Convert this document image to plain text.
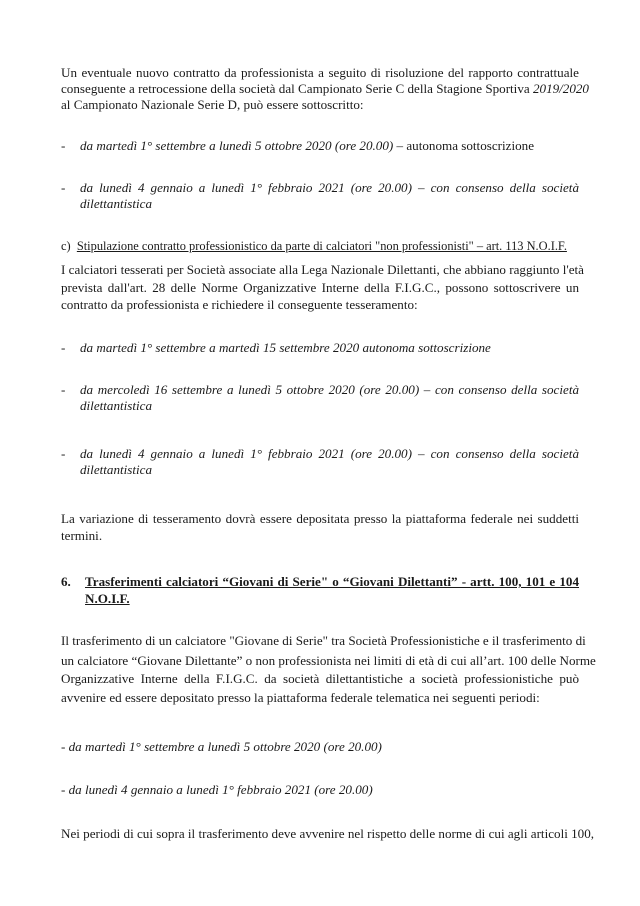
Un eventuale nuovo contratto da professionista a seguito di risoluzione del rapporto contrattuale
conseguente a retrocessione della società dal Campionato Serie C della Stagione Sportiva 2019/2020
al Campionato Nazionale Serie D, può essere sottoscritto:
- da martedì 1° settembre a lunedì 5 ottobre 2020 (ore 20.00) – autonoma sottoscrizione
- da lunedì 4 gennaio a lunedì 1° febbraio 2021 (ore 20.00) – con consenso della società
dilettantistica
c) Stipulazione contratto professionistico da parte di calciatori "non professionisti" – art. 113 N.O.I.F.
I calciatori tesserati per Società associate alla Lega Nazionale Dilettanti, che abbiano raggiunto l'età
prevista dall'art. 28 delle Norme Organizzative Interne della F.I.G.C., possono sottoscrivere un
contratto da professionista e richiedere il conseguente tesseramento:
- da martedì 1° settembre a martedì 15 settembre 2020 autonoma sottoscrizione
- da mercoledì 16 settembre a lunedì 5 ottobre 2020 (ore 20.00) – con consenso della società
dilettantistica
- da lunedì 4 gennaio a lunedì 1° febbraio 2021 (ore 20.00) – con consenso della società
dilettantistica
La variazione di tesseramento dovrà essere depositata presso la piattaforma federale nei suddetti
termini.
6. Trasferimenti calciatori “Giovani di Serie" o “Giovani Dilettanti” - artt. 100, 101 e 104
N.O.I.F.
Il trasferimento di un calciatore "Giovane di Serie" tra Società Professionistiche e il trasferimento di
un calciatore “Giovane Dilettante” o non professionista nei limiti di età di cui all’art. 100 delle Norme
Organizzative Interne della F.I.G.C. da società dilettantistiche a società professionistiche può
avvenire ed essere depositato presso la piattaforma federale telematica nei seguenti periodi:
- da martedì 1° settembre a lunedì 5 ottobre 2020 (ore 20.00)
- da lunedì 4 gennaio a lunedì 1° febbraio 2021 (ore 20.00)
Nei periodi di cui sopra il trasferimento deve avvenire nel rispetto delle norme di cui agli articoli 100,
